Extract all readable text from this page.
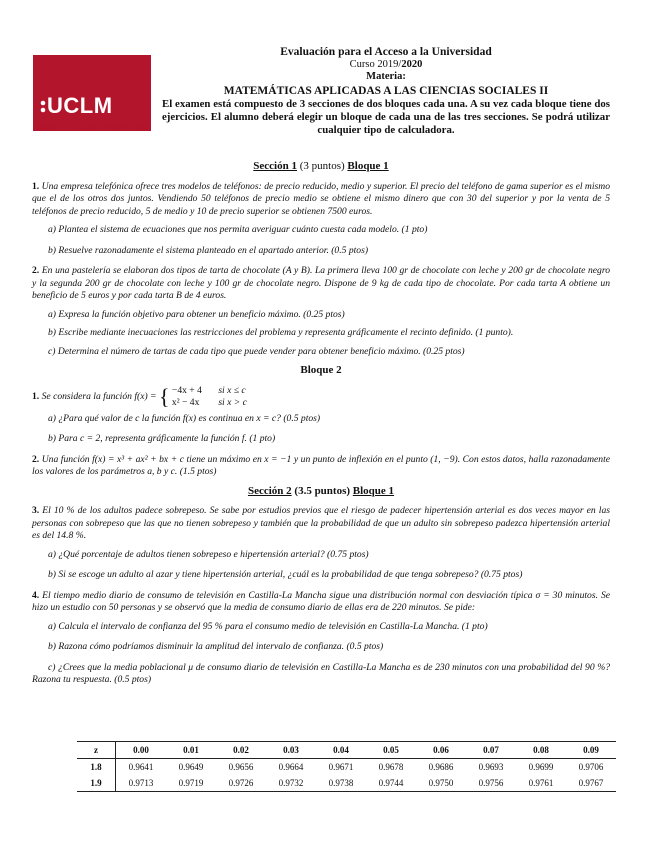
UCLM
CAMPUS DE EXCELENCIA INTERNACIONAL
Evaluación para el Acceso a la Universidad
Curso 2019/2020
Materia:
MATEMÁTICAS APLICADAS A LAS CIENCIAS SOCIALES II
El examen está compuesto de 3 secciones de dos bloques cada una. A su vez cada bloque tiene dos ejercicios. El alumno deberá elegir un bloque de cada una de las tres secciones. Se podrá utilizar cualquier tipo de calculadora.
Sección 1 (3 puntos) Bloque 1
1. Una empresa telefónica ofrece tres modelos de teléfonos: de precio reducido, medio y superior. El precio del teléfono de gama superior es el mismo que el de los otros dos juntos. Vendiendo 50 teléfonos de precio medio se obtiene el mismo dinero que con 30 del superior y por la venta de 5 teléfonos de precio reducido, 5 de medio y 10 de precio superior se obtienen 7500 euros.
a) Plantea el sistema de ecuaciones que nos permita averiguar cuánto cuesta cada modelo. (1 pto)
b) Resuelve razonadamente el sistema planteado en el apartado anterior. (0.5 ptos)
2. En una pastelería se elaboran dos tipos de tarta de chocolate (A y B). La primera lleva 100 gr de chocolate con leche y 200 gr de chocolate negro y la segunda 200 gr de chocolate con leche y 100 gr de chocolate negro. Dispone de 9 kg de cada tipo de chocolate. Por cada tarta A obtiene un beneficio de 5 euros y por cada tarta B de 4 euros.
a) Expresa la función objetivo para obtener un beneficio máximo. (0.25 ptos)
b) Escribe mediante inecuaciones las restricciones del problema y representa gráficamente el recinto definido. (1 punto).
c) Determina el número de tartas de cada tipo que puede vender para obtener beneficio máximo. (0.25 ptos)
Bloque 2
1. Se considera la función f(x) = { −4x + 4 si x ≤ c
x² − 4x si x > c
a) ¿Para qué valor de c la función f(x) es continua en x = c? (0.5 ptos)
b) Para c = 2, representa gráficamente la función f. (1 pto)
2. Una función f(x) = x³ + ax² + bx + c tiene un máximo en x = −1 y un punto de inflexión en el punto (1, −9). Con estos datos, halla razonadamente los valores de los parámetros a, b y c. (1.5 ptos)
Sección 2 (3.5 puntos) Bloque 1
3. El 10 % de los adultos padece sobrepeso. Se sabe por estudios previos que el riesgo de padecer hipertensión arterial es dos veces mayor en las personas con sobrepeso que las que no tienen sobrepeso y también que la probabilidad de que un adulto sin sobrepeso padezca hipertensión arterial es del 14.8 %.
a) ¿Qué porcentaje de adultos tienen sobrepeso e hipertensión arterial? (0.75 ptos)
b) Si se escoge un adulto al azar y tiene hipertensión arterial, ¿cuál es la probabilidad de que tenga sobrepeso? (0.75 ptos)
4. El tiempo medio diario de consumo de televisión en Castilla-La Mancha sigue una distribución normal con desviación típica σ = 30 minutos. Se hizo un estudio con 50 personas y se observó que la media de consumo diario de ellas era de 220 minutos. Se pide:
a) Calcula el intervalo de confianza del 95 % para el consumo medio de televisión en Castilla-La Mancha. (1 pto)
b) Razona cómo podríamos disminuir la amplitud del intervalo de confianza. (0.5 ptos)
c) ¿Crees que la media poblacional μ de consumo diario de televisión en Castilla-La Mancha es de 230 minutos con una probabilidad del 90 %? Razona tu respuesta. (0.5 ptos)
z	0.00	0.01	0.02	0.03	0.04	0.05	0.06	0.07	0.08	0.09
1.8	0.9641	0.9649	0.9656	0.9664	0.9671	0.9678	0.9686	0.9693	0.9699	0.9706
1.9	0.9713	0.9719	0.9726	0.9732	0.9738	0.9744	0.9750	0.9756	0.9761	0.9767
